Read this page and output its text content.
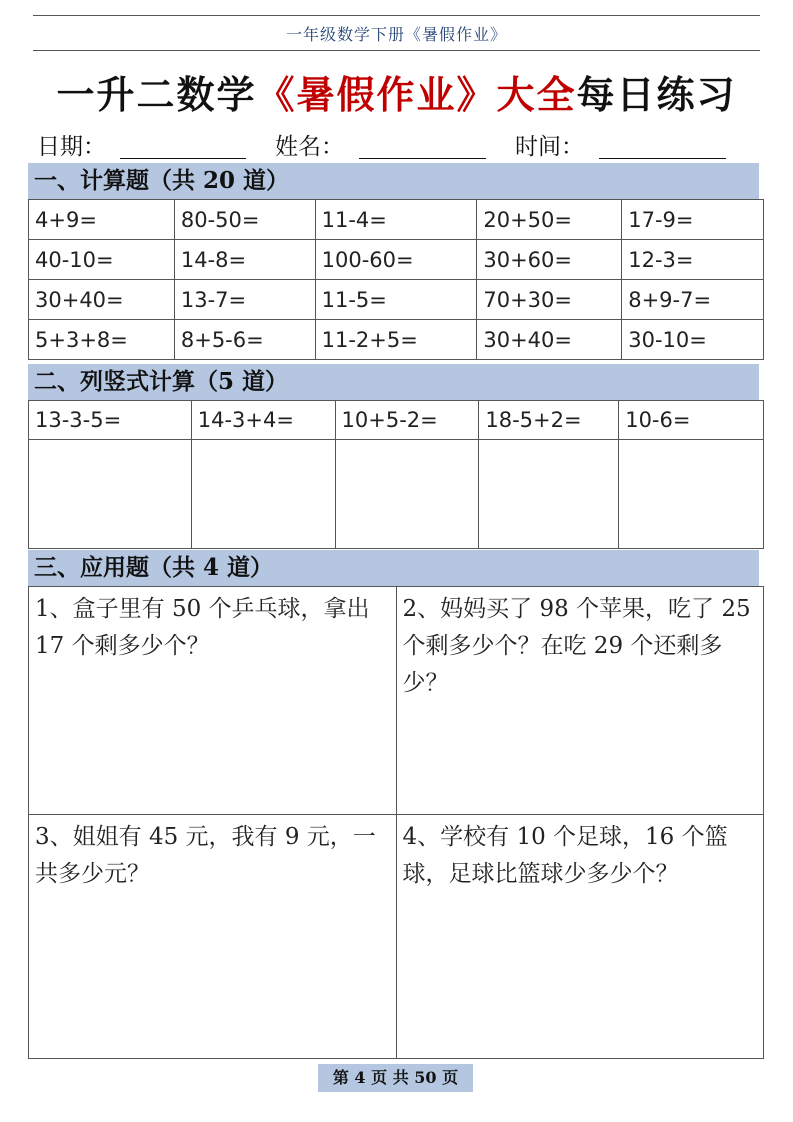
一年级数学下册《暑假作业》
一升二数学《暑假作业》大全每日练习
日期：	姓名：	时间：
一、计算题（共 20 道）
4+9=	80-50=	11-4=	20+50=	17-9=
40-10=	14-8=	100-60=	30+60=	12-3=
30+40=	13-7=	11-5=	70+30=	8+9-7=
5+3+8=	8+5-6=	11-2+5=	30+40=	30-10=
二、列竖式计算（5 道）
13-3-5=	14-3+4=	10+5-2=	18-5+2=	10-6=

三、应用题（共 4 道）
1、盒子里有 50 个乒乓球，拿出 17 个剩多少个？	2、妈妈买了 98 个苹果，吃了 25 个剩多少个？在吃 29 个还剩多少？
3、姐姐有 45 元，我有 9 元，一共多少元？	4、学校有 10 个足球，16 个篮球，足球比篮球少多少个？
第 4 页 共 50 页
